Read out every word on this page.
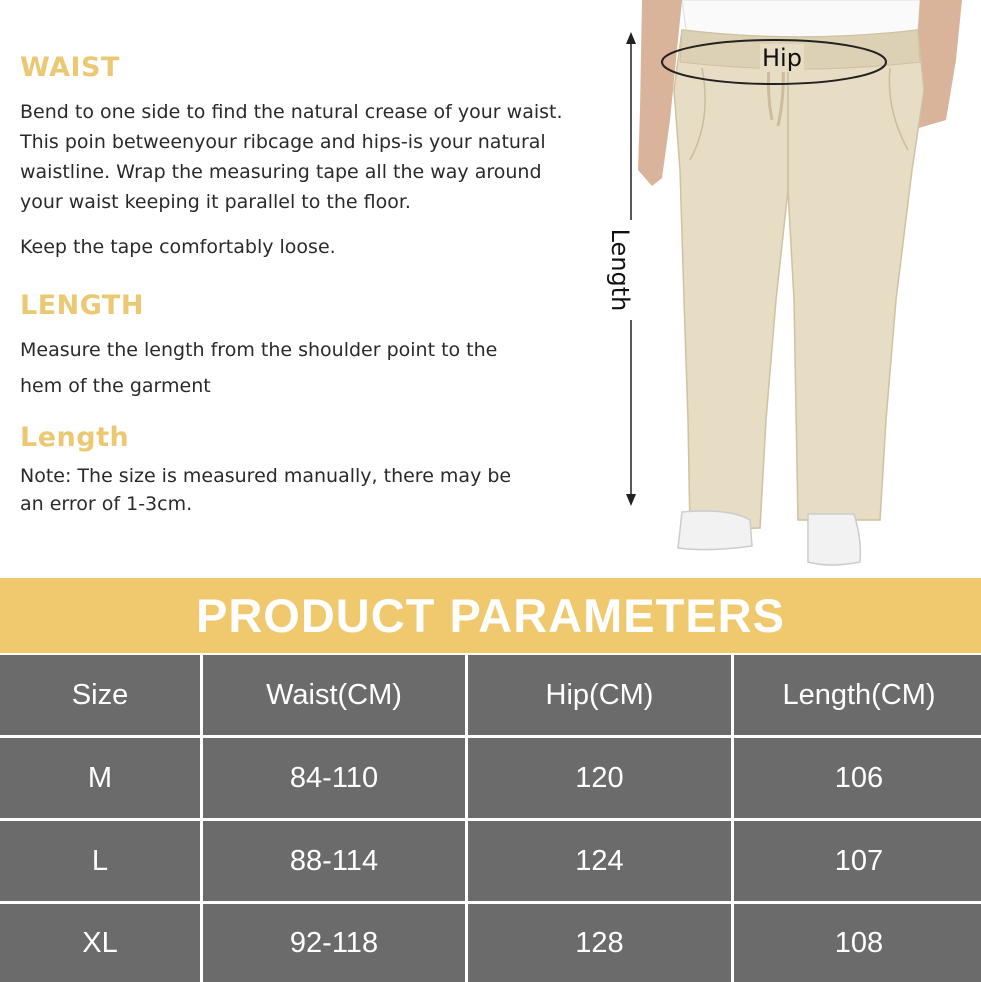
WAIST

Bend to one side to find the natural crease of your waist.
This poin betweenyour ribcage and hips-is your natural
waistline. Wrap the measuring tape all the way around
your waist keeping it parallel to the floor.

Keep the tape comfortably loose.

LENGTH

Measure the length from the shoulder point to the
hem of the garment

Length

Note: The size is measured manually, there may be
an error of 1-3cm.

Hip
Length
PRODUCT PARAMETERS
Size	Waist(CM)	Hip(CM)	Length(CM)
M	84-110	120	106
L	88-114	124	107
XL	92-118	128	108
